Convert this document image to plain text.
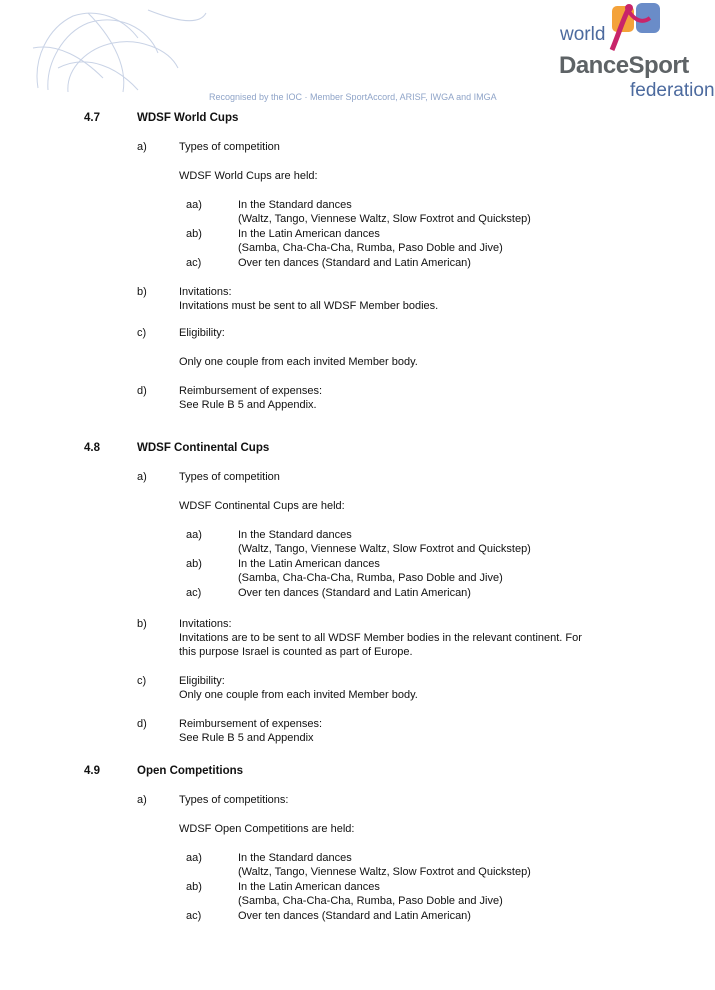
world
DanceSport
federation
Recognised by the IOC · Member SportAccord, ARISF, IWGA and IMGA
4.7	WDSF World Cups
a)	Types of competition
WDSF World Cups are held:
aa)	In the Standard dances
(Waltz, Tango, Viennese Waltz, Slow Foxtrot and Quickstep)
ab)	In the Latin American dances
(Samba, Cha-Cha-Cha, Rumba, Paso Doble and Jive)
ac)	Over ten dances (Standard and Latin American)
b)	Invitations:
Invitations must be sent to all WDSF Member bodies.
c)	Eligibility:
Only one couple from each invited Member body.
d)	Reimbursement of expenses:
See Rule B 5 and Appendix.
4.8	WDSF Continental Cups
a)	Types of competition
WDSF Continental Cups are held:
aa)	In the Standard dances
(Waltz, Tango, Viennese Waltz, Slow Foxtrot and Quickstep)
ab)	In the Latin American dances
(Samba, Cha-Cha-Cha, Rumba, Paso Doble and Jive)
ac)	Over ten dances (Standard and Latin American)
b)	Invitations:
Invitations are to be sent to all WDSF Member bodies in the relevant continent. For
this purpose Israel is counted as part of Europe.
c)	Eligibility:
Only one couple from each invited Member body.
d)	Reimbursement of expenses:
See Rule B 5 and Appendix
4.9	Open Competitions
a)	Types of competitions:
WDSF Open Competitions are held:
aa)	In the Standard dances
(Waltz, Tango, Viennese Waltz, Slow Foxtrot and Quickstep)
ab)	In the Latin American dances
(Samba, Cha-Cha-Cha, Rumba, Paso Doble and Jive)
ac)	Over ten dances (Standard and Latin American)
